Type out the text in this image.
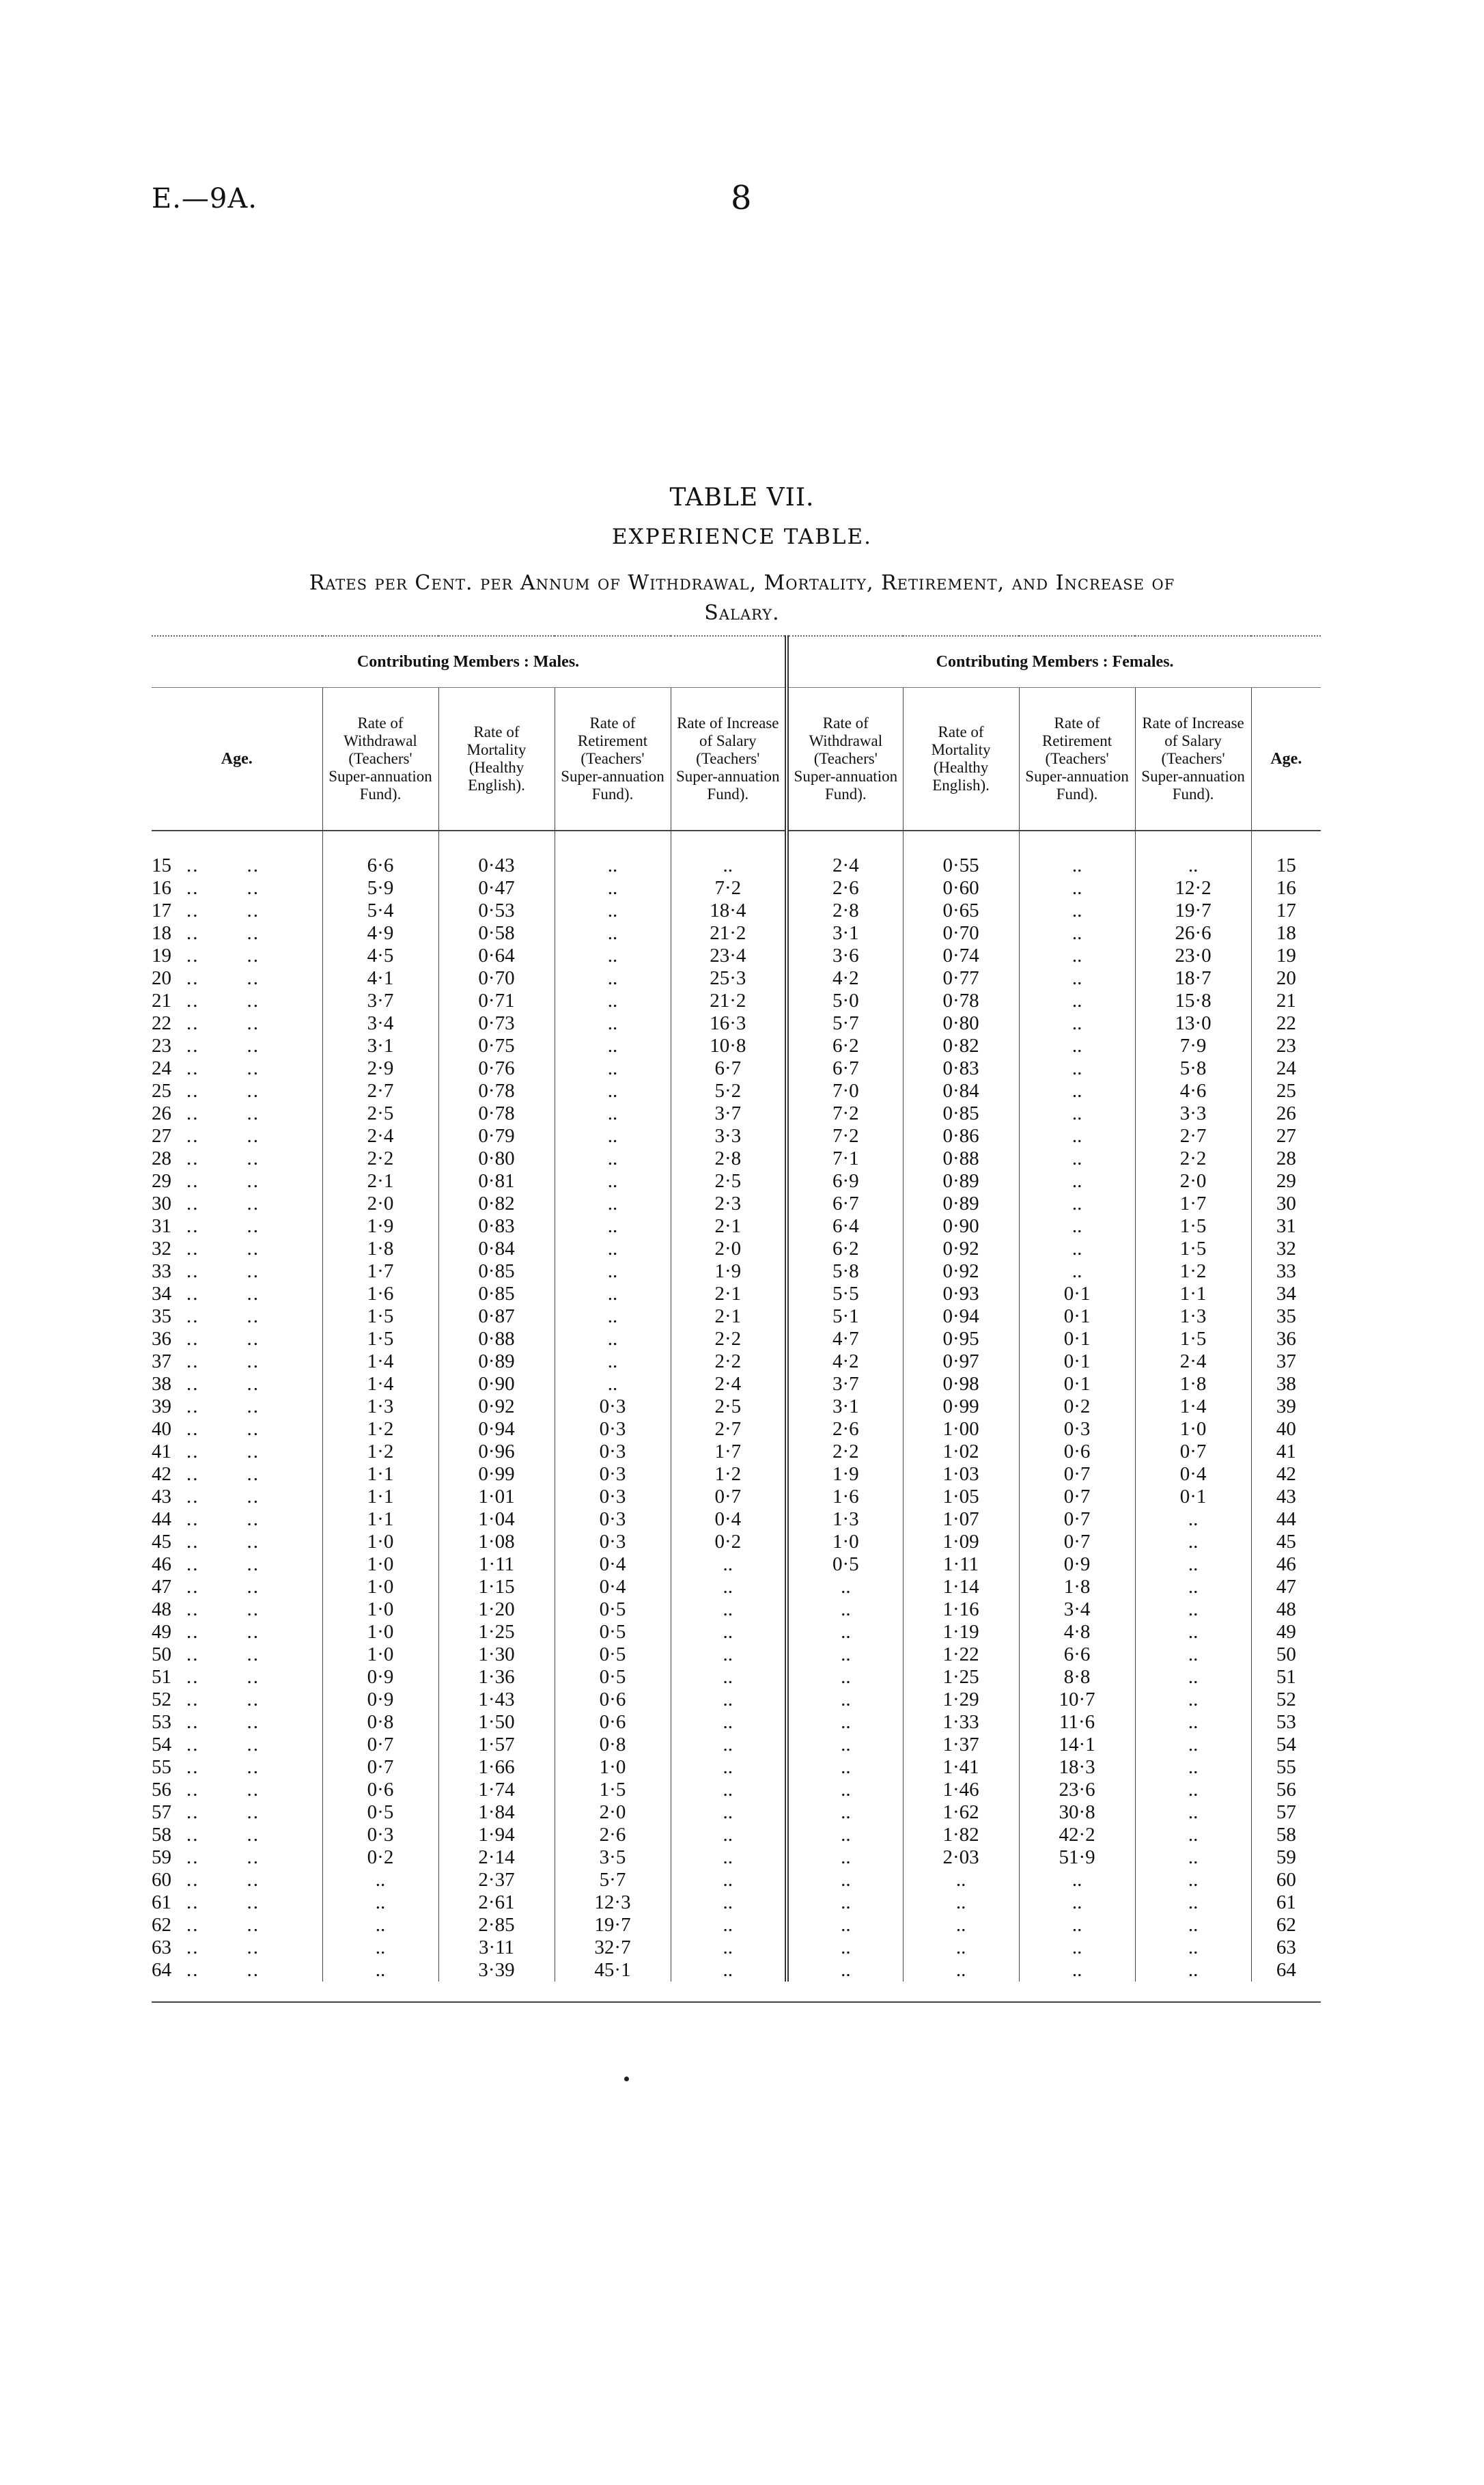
E.—9A.	8
TABLE VII.
EXPERIENCE TABLE.
Rates per Cent. per Annum of Withdrawal, Mortality, Retirement, and Increase of
Salary.
Contributing Members : Males.					Contributing Members : Females.				
Age.	Rate of Withdrawal (Teachers' Super-annuation Fund).	Rate of Mortality (Healthy English).	Rate of Retirement (Teachers' Super-annuation Fund).	Rate of Increase of Salary (Teachers' Super-annuation Fund).	Rate of Withdrawal (Teachers' Super-annuation Fund).	Rate of Mortality (Healthy English).	Rate of Retirement (Teachers' Super-annuation Fund).	Rate of Increase of Salary (Teachers' Super-annuation Fund).	Age.

15 .. ..	6·6	0·43	..	..	2·4	0·55	..	..	15
16 .. ..	5·9	0·47	..	7·2	2·6	0·60	..	12·2	16
17 .. ..	5·4	0·53	..	18·4	2·8	0·65	..	19·7	17
18 .. ..	4·9	0·58	..	21·2	3·1	0·70	..	26·6	18
19 .. ..	4·5	0·64	..	23·4	3·6	0·74	..	23·0	19
20 .. ..	4·1	0·70	..	25·3	4·2	0·77	..	18·7	20
21 .. ..	3·7	0·71	..	21·2	5·0	0·78	..	15·8	21
22 .. ..	3·4	0·73	..	16·3	5·7	0·80	..	13·0	22
23 .. ..	3·1	0·75	..	10·8	6·2	0·82	..	7·9	23
24 .. ..	2·9	0·76	..	6·7	6·7	0·83	..	5·8	24
25 .. ..	2·7	0·78	..	5·2	7·0	0·84	..	4·6	25
26 .. ..	2·5	0·78	..	3·7	7·2	0·85	..	3·3	26
27 .. ..	2·4	0·79	..	3·3	7·2	0·86	..	2·7	27
28 .. ..	2·2	0·80	..	2·8	7·1	0·88	..	2·2	28
29 .. ..	2·1	0·81	..	2·5	6·9	0·89	..	2·0	29
30 .. ..	2·0	0·82	..	2·3	6·7	0·89	..	1·7	30
31 .. ..	1·9	0·83	..	2·1	6·4	0·90	..	1·5	31
32 .. ..	1·8	0·84	..	2·0	6·2	0·92	..	1·5	32
33 .. ..	1·7	0·85	..	1·9	5·8	0·92	..	1·2	33
34 .. ..	1·6	0·85	..	2·1	5·5	0·93	0·1	1·1	34
35 .. ..	1·5	0·87	..	2·1	5·1	0·94	0·1	1·3	35
36 .. ..	1·5	0·88	..	2·2	4·7	0·95	0·1	1·5	36
37 .. ..	1·4	0·89	..	2·2	4·2	0·97	0·1	2·4	37
38 .. ..	1·4	0·90	..	2·4	3·7	0·98	0·1	1·8	38
39 .. ..	1·3	0·92	0·3	2·5	3·1	0·99	0·2	1·4	39
40 .. ..	1·2	0·94	0·3	2·7	2·6	1·00	0·3	1·0	40
41 .. ..	1·2	0·96	0·3	1·7	2·2	1·02	0·6	0·7	41
42 .. ..	1·1	0·99	0·3	1·2	1·9	1·03	0·7	0·4	42
43 .. ..	1·1	1·01	0·3	0·7	1·6	1·05	0·7	0·1	43
44 .. ..	1·1	1·04	0·3	0·4	1·3	1·07	0·7	..	44
45 .. ..	1·0	1·08	0·3	0·2	1·0	1·09	0·7	..	45
46 .. ..	1·0	1·11	0·4	..	0·5	1·11	0·9	..	46
47 .. ..	1·0	1·15	0·4	..	..	1·14	1·8	..	47
48 .. ..	1·0	1·20	0·5	..	..	1·16	3·4	..	48
49 .. ..	1·0	1·25	0·5	..	..	1·19	4·8	..	49
50 .. ..	1·0	1·30	0·5	..	..	1·22	6·6	..	50
51 .. ..	0·9	1·36	0·5	..	..	1·25	8·8	..	51
52 .. ..	0·9	1·43	0·6	..	..	1·29	10·7	..	52
53 .. ..	0·8	1·50	0·6	..	..	1·33	11·6	..	53
54 .. ..	0·7	1·57	0·8	..	..	1·37	14·1	..	54
55 .. ..	0·7	1·66	1·0	..	..	1·41	18·3	..	55
56 .. ..	0·6	1·74	1·5	..	..	1·46	23·6	..	56
57 .. ..	0·5	1·84	2·0	..	..	1·62	30·8	..	57
58 .. ..	0·3	1·94	2·6	..	..	1·82	42·2	..	58
59 .. ..	0·2	2·14	3·5	..	..	2·03	51·9	..	59
60 .. ..	..	2·37	5·7	..	..	..	..	..	60
61 .. ..	..	2·61	12·3	..	..	..	..	..	61
62 .. ..	..	2·85	19·7	..	..	..	..	..	62
63 .. ..	..	3·11	32·7	..	..	..	..	..	63
64 .. ..	..	3·39	45·1	..	..	..	..	..	64
